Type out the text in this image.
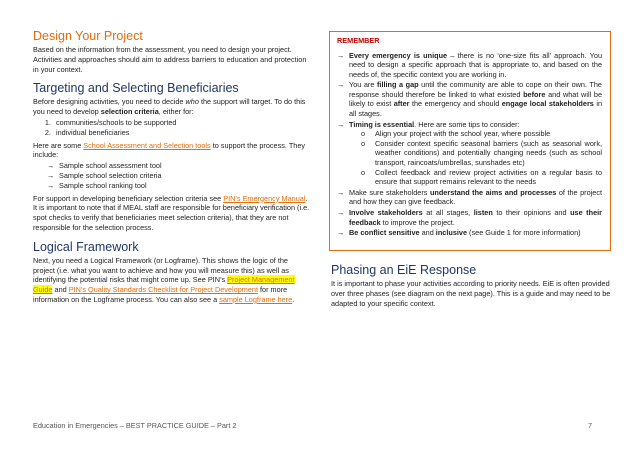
Design Your Project

Based on the information from the assessment, you need to design your project. Activities and approaches should aim to address barriers to education and protection in your context.

Targeting and Selecting Beneficiaries

Before designing activities, you need to decide who the support will target. To do this you need to develop selection criteria, either for:

1. communities/schools to be supported
2. individual beneficiaries

Here are some School Assessment and Selection tools to support the process. They include:

→ Sample school assessment tool
→ Sample school selection criteria
→ Sample school ranking tool

For support in developing beneficiary selection criteria see PIN’s Emergency Manual. It is important to note that if MEAL staff are responsible for beneficiary verification (i.e. spot checks to verify that beneficiaries meet selection criteria), that they are not responsible for the selection process.

Logical Framework

Next, you need a Logical Framework (or Logframe). This shows the logic of the project (i.e. what you want to achieve and how you will measure this) as well as identifying the potential risks that might come up. See PIN’s Project Management Guide and PIN’s Quality Standards Checklist for Project Development for more information on the Logframe process. You can also see a sample Logframe here.

REMEMBER
→ Every emergency is unique – there is no ‘one-size fits all’ approach. You need to design a specific approach that is appropriate to, and based on the needs of, the specific context you are working in.
→ You are filling a gap until the community are able to cope on their own. The response should therefore be linked to what existed before and what will be likely to exist after the emergency and should engage local stakeholders in all stages.
→ Timing is essential. Here are some tips to consider:
o Align your project with the school year, where possible
o Consider context specific seasonal barriers (such as seasonal work, weather conditions) and potentially changing needs (such as school transport, raincoats/umbrellas, sunshades etc)
o Collect feedback and review project activities on a regular basis to ensure that support remains relevant to the needs
→ Make sure stakeholders understand the aims and processes of the project and how they can give feedback.
→ Involve stakeholders at all stages, listen to their opinions and use their feedback to improve the project.
→ Be conflict sensitive and inclusive (see Guide 1 for more information)
Phasing an EiE Response

It is important to phase your activities according to priority needs. EiE is often provided over three phases (see diagram on the next page). This is a guide and may need to be adapted to your specific context.

Education in Emergencies – BEST PRACTICE GUIDE – Part 2	7
